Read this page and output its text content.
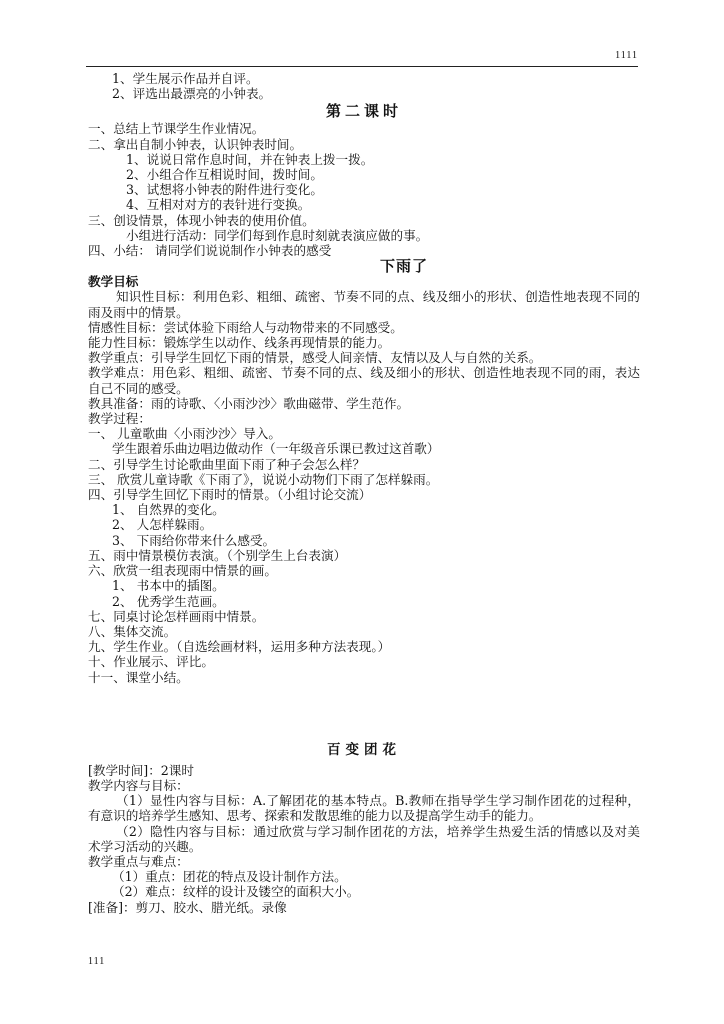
1111

1、学生展示作品并自评。

2、评选出最漂亮的小钟表。

第二课时

一、总结上节课学生作业情况。

二、拿出自制小钟表，认识钟表时间。

1、说说日常作息时间，并在钟表上拨一拨。

2、小组合作互相说时间，拨时间。

3、试想将小钟表的附件进行变化。

4、互相对对方的表针进行变换。

三、创设情景，体现小钟表的使用价值。

小组进行活动：同学们每到作息时刻就表演应做的事。

四、小结： 请同学们说说制作小钟表的感受

下雨了

教学目标

知识性目标：利用色彩、粗细、疏密、节奏不同的点、线及细小的形状、创造性地表现不同的雨及雨中的情景。

情感性目标：尝试体验下雨给人与动物带来的不同感受。

能力性目标：锻炼学生以动作、线条再现情景的能力。

教学重点：引导学生回忆下雨的情景，感受人间亲情、友情以及人与自然的关系。

教学难点：用色彩、粗细、疏密、节奏不同的点、线及细小的形状、创造性地表现不同的雨，表达自己不同的感受。

教具准备：雨的诗歌、〈小雨沙沙〉歌曲磁带、学生范作。

教学过程：

一、 儿童歌曲〈小雨沙沙〉导入。

学生跟着乐曲边唱边做动作（一年级音乐课已教过这首歌）

二、引导学生讨论歌曲里面下雨了种子会怎么样？

三、 欣赏儿童诗歌《下雨了》，说说小动物们下雨了怎样躲雨。

四、引导学生回忆下雨时的情景。（小组讨论交流）

1、 自然界的变化。

2、 人怎样躲雨。

3、 下雨给你带来什么感受。

五、雨中情景模仿表演。（个别学生上台表演）

六、欣赏一组表现雨中情景的画。

1、 书本中的插图。

2、 优秀学生范画。

七、同桌讨论怎样画雨中情景。

八、集体交流。

九、学生作业。（自选绘画材料，运用多种方法表现。）

十、作业展示、评比。

十一、课堂小结。

百变团花

[教学时间]：2课时

教学内容与目标：

（1）显性内容与目标：A.了解团花的基本特点。B.教师在指导学生学习制作团花的过程种，有意识的培养学生感知、思考、探索和发散思维的能力以及提高学生动手的能力。

（2）隐性内容与目标：通过欣赏与学习制作团花的方法，培养学生热爱生活的情感以及对美术学习活动的兴趣。

教学重点与难点：

（1）重点：团花的特点及设计制作方法。

（2）难点：纹样的设计及镂空的面积大小。

[准备]：剪刀、胶水、腊光纸。录像

111
